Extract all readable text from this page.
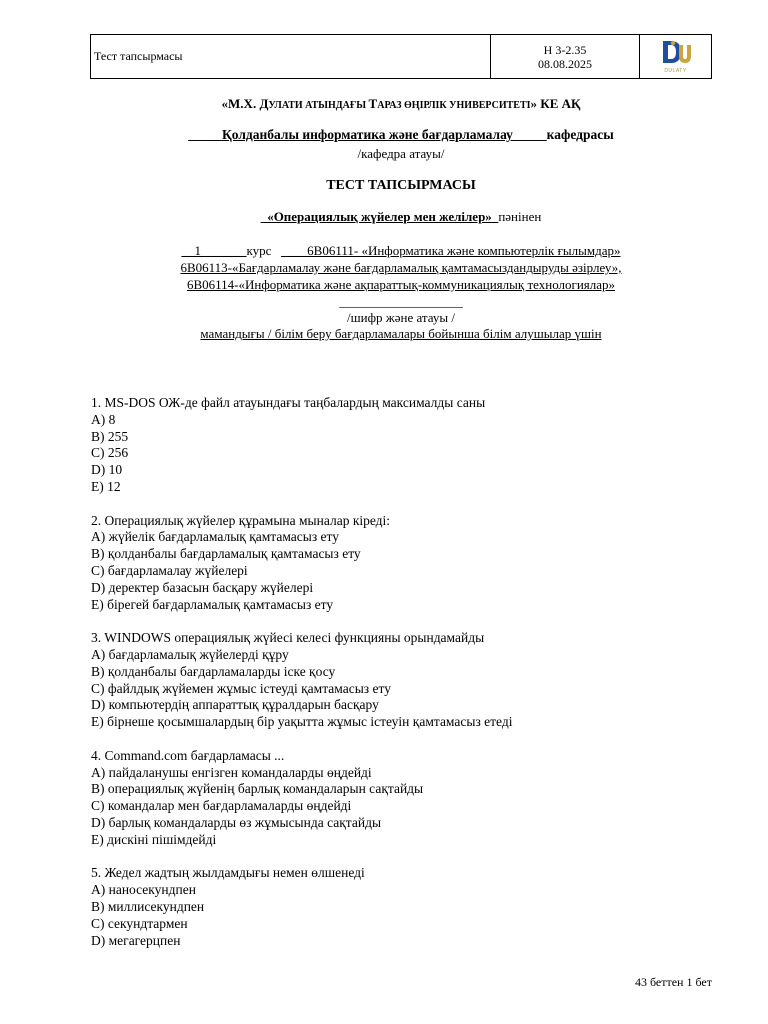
Тест тапсырмасы	Н 3-2.35
08.08.2025
DULATY
«М.Х. ДУЛАТИ АТЫНДАҒЫ ТАРАЗ ӨҢІРЛІК УНИВЕРСИТЕТІ» КЕ АҚ
_____Қолданбалы информатика және бағдарламалау_____кафедрасы
/кафедра атауы/
ТЕСТ ТАПСЫРМАСЫ
_«Операциялық жүйелер мен желілер»_пәнінен
__1_______курс ____6В06111- «Информатика және компьютерлік ғылымдар»
6В06113-«Бағдарламалау және бағдарламалық қамтамасыздандыруды әзірлеу»,
6В06114-«Информатика және ақпараттық-коммуникациялық технологиялар»
___________________
/шифр және атауы /
мамандығы / білім беру бағдарламалары бойынша білім алушылар үшін
1. MS-DOS ОЖ-де файл атауындағы таңбалардың максималды саны
A) 8
B) 255
C) 256
D) 10
E) 12
2. Операциялық жүйелер құрамына мыналар кіреді:
A) жүйелік бағдарламалық қамтамасыз ету
B) қолданбалы бағдарламалық қамтамасыз ету
C) бағдарламалау жүйелері
D) деректер базасын басқару жүйелері
E) бірегей бағдарламалық қамтамасыз ету
3. WINDOWS операциялық жүйесі келесі функцияны орындамайды
A) бағдарламалық жүйелерді құру
B) қолданбалы бағдарламаларды іске қосу
C) файлдық жүйемен жұмыс істеуді қамтамасыз ету
D) компьютердің аппараттық құралдарын басқару
E) бірнеше қосымшалардың бір уақытта жұмыс істеуін қамтамасыз етеді
4. Command.com бағдарламасы ...
A) пайдаланушы енгізген командаларды өңдейді
B) операциялық жүйенің барлық командаларын сақтайды
C) командалар мен бағдарламаларды өңдейді
D) барлық командаларды өз жұмысында сақтайды
E) дискіні пішімдейді
5. Жедел жадтың жылдамдығы немен өлшенеді
A) наносекундпен
B) миллисекундпен
C) секундтармен
D) мегагерцпен
43 беттен 1 бет
